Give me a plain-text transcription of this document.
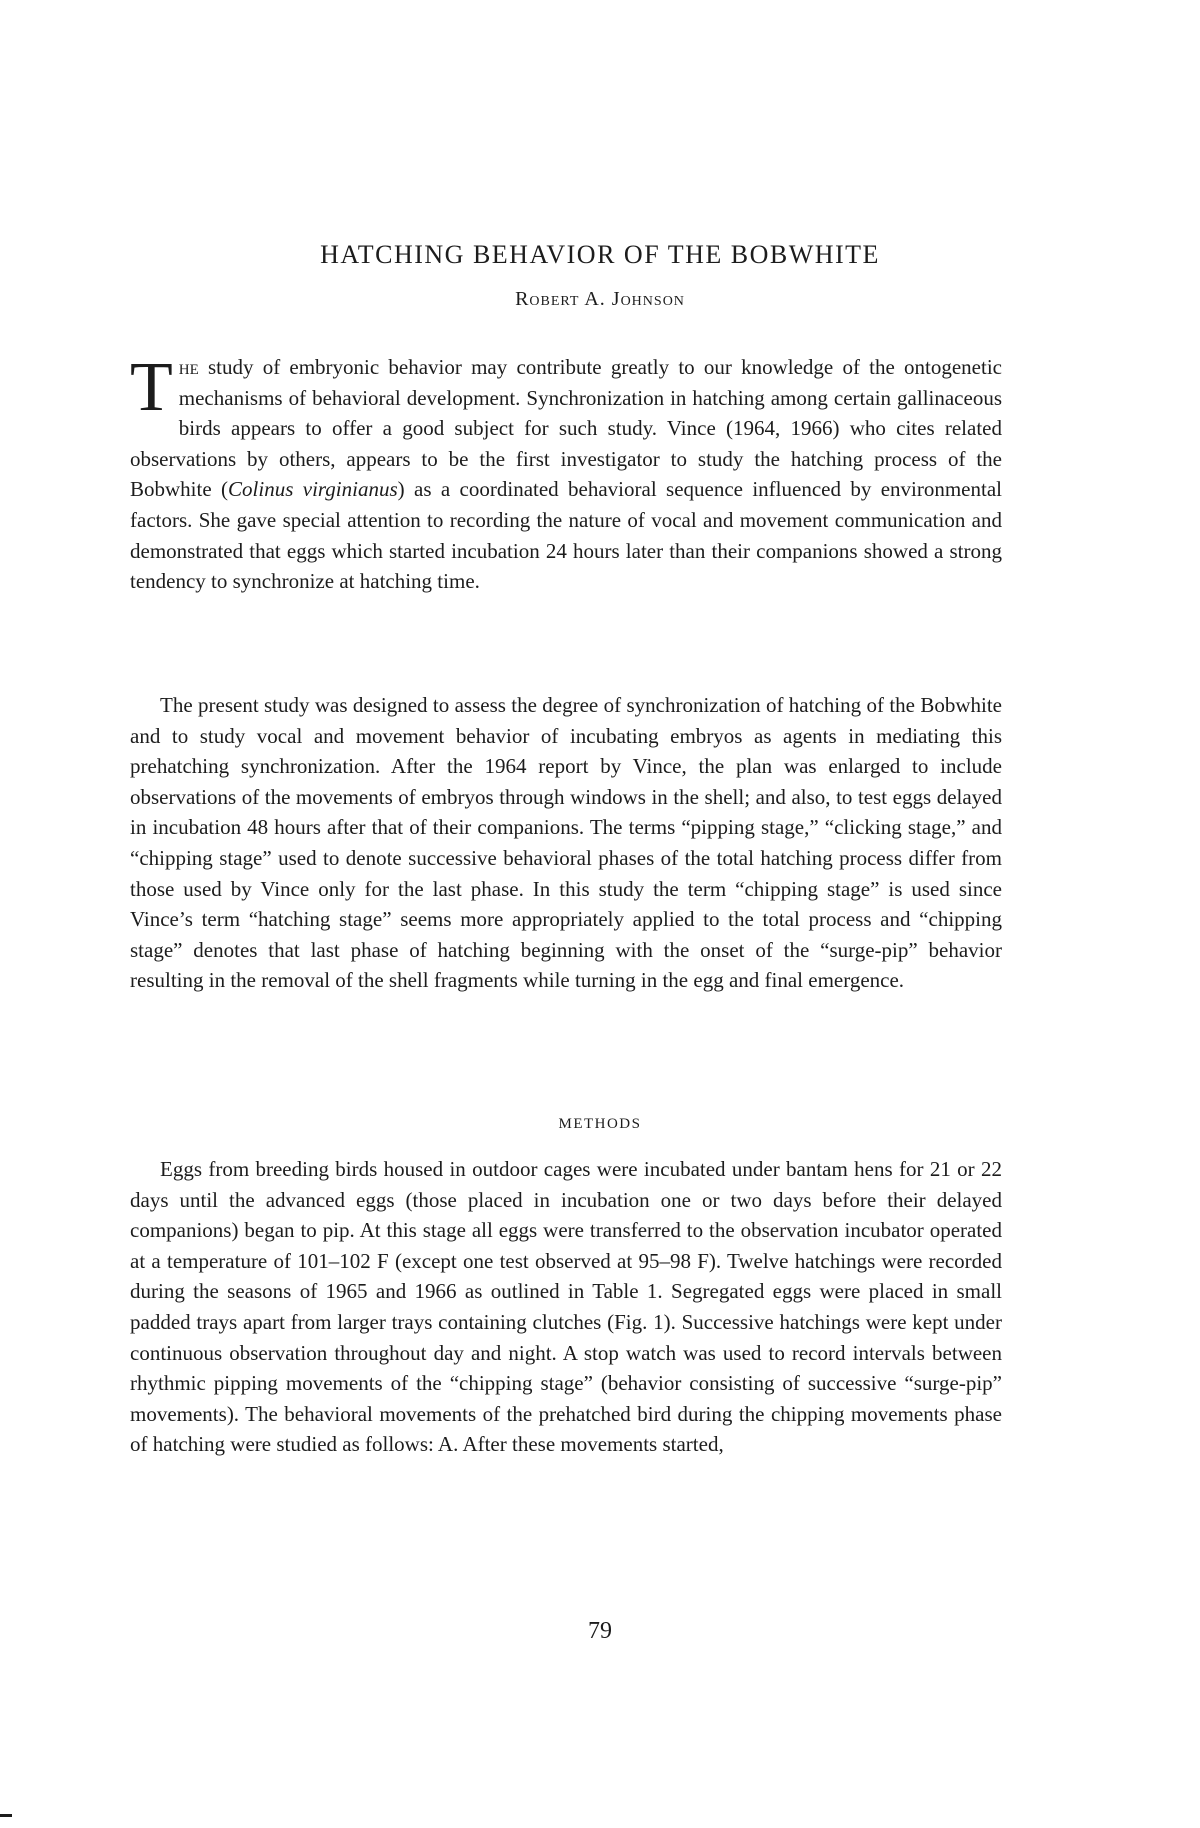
HATCHING BEHAVIOR OF THE BOBWHITE

Robert A. Johnson

The study of embryonic behavior may contribute greatly to our knowledge of the ontogenetic mechanisms of behavioral development. Synchronization in hatching among certain gallinaceous birds appears to offer a good subject for such study. Vince (1964, 1966) who cites related observations by others, appears to be the first investigator to study the hatching process of the Bobwhite (Colinus virginianus) as a coordinated behavioral sequence influenced by environmental factors. She gave special attention to recording the nature of vocal and movement communication and demonstrated that eggs which started incubation 24 hours later than their companions showed a strong tendency to synchronize at hatching time.

The present study was designed to assess the degree of synchronization of hatching of the Bobwhite and to study vocal and movement behavior of incubating embryos as agents in mediating this prehatching synchronization. After the 1964 report by Vince, the plan was enlarged to include observations of the movements of embryos through windows in the shell; and also, to test eggs delayed in incubation 48 hours after that of their companions. The terms “pipping stage,” “clicking stage,” and “chipping stage” used to denote successive behavioral phases of the total hatching process differ from those used by Vince only for the last phase. In this study the term “chipping stage” is used since Vince’s term “hatching stage” seems more appropriately applied to the total process and “chipping stage” denotes that last phase of hatching beginning with the onset of the “surge-pip” behavior resulting in the removal of the shell fragments while turning in the egg and final emergence.

METHODS

Eggs from breeding birds housed in outdoor cages were incubated under bantam hens for 21 or 22 days until the advanced eggs (those placed in incubation one or two days before their delayed companions) began to pip. At this stage all eggs were transferred to the observation incubator operated at a temperature of 101–102 F (except one test observed at 95–98 F). Twelve hatchings were recorded during the seasons of 1965 and 1966 as outlined in Table 1. Segregated eggs were placed in small padded trays apart from larger trays containing clutches (Fig. 1). Successive hatchings were kept under continuous observation throughout day and night. A stop watch was used to record intervals between rhythmic pipping movements of the “chipping stage” (behavior consisting of successive “surge-pip” movements). The behavioral movements of the prehatched bird during the chipping movements phase of hatching were studied as follows: A. After these movements started,

79
